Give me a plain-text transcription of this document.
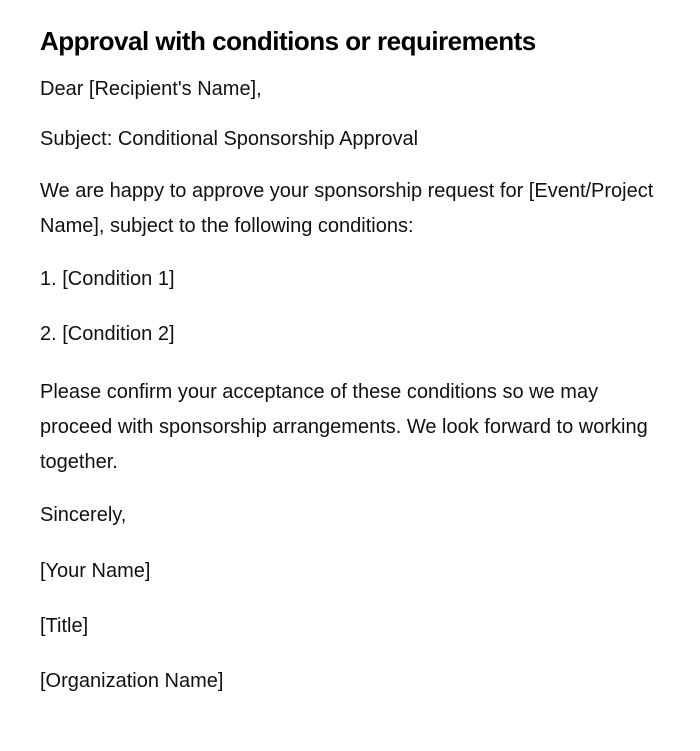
Approval with conditions or requirements

Dear [Recipient's Name],

Subject: Conditional Sponsorship Approval

We are happy to approve your sponsorship request for [Event/Project Name], subject to the following conditions:

1. [Condition 1]

2. [Condition 2]

Please confirm your acceptance of these conditions so we may proceed with sponsorship arrangements. We look forward to working together.

Sincerely,

[Your Name]

[Title]

[Organization Name]
